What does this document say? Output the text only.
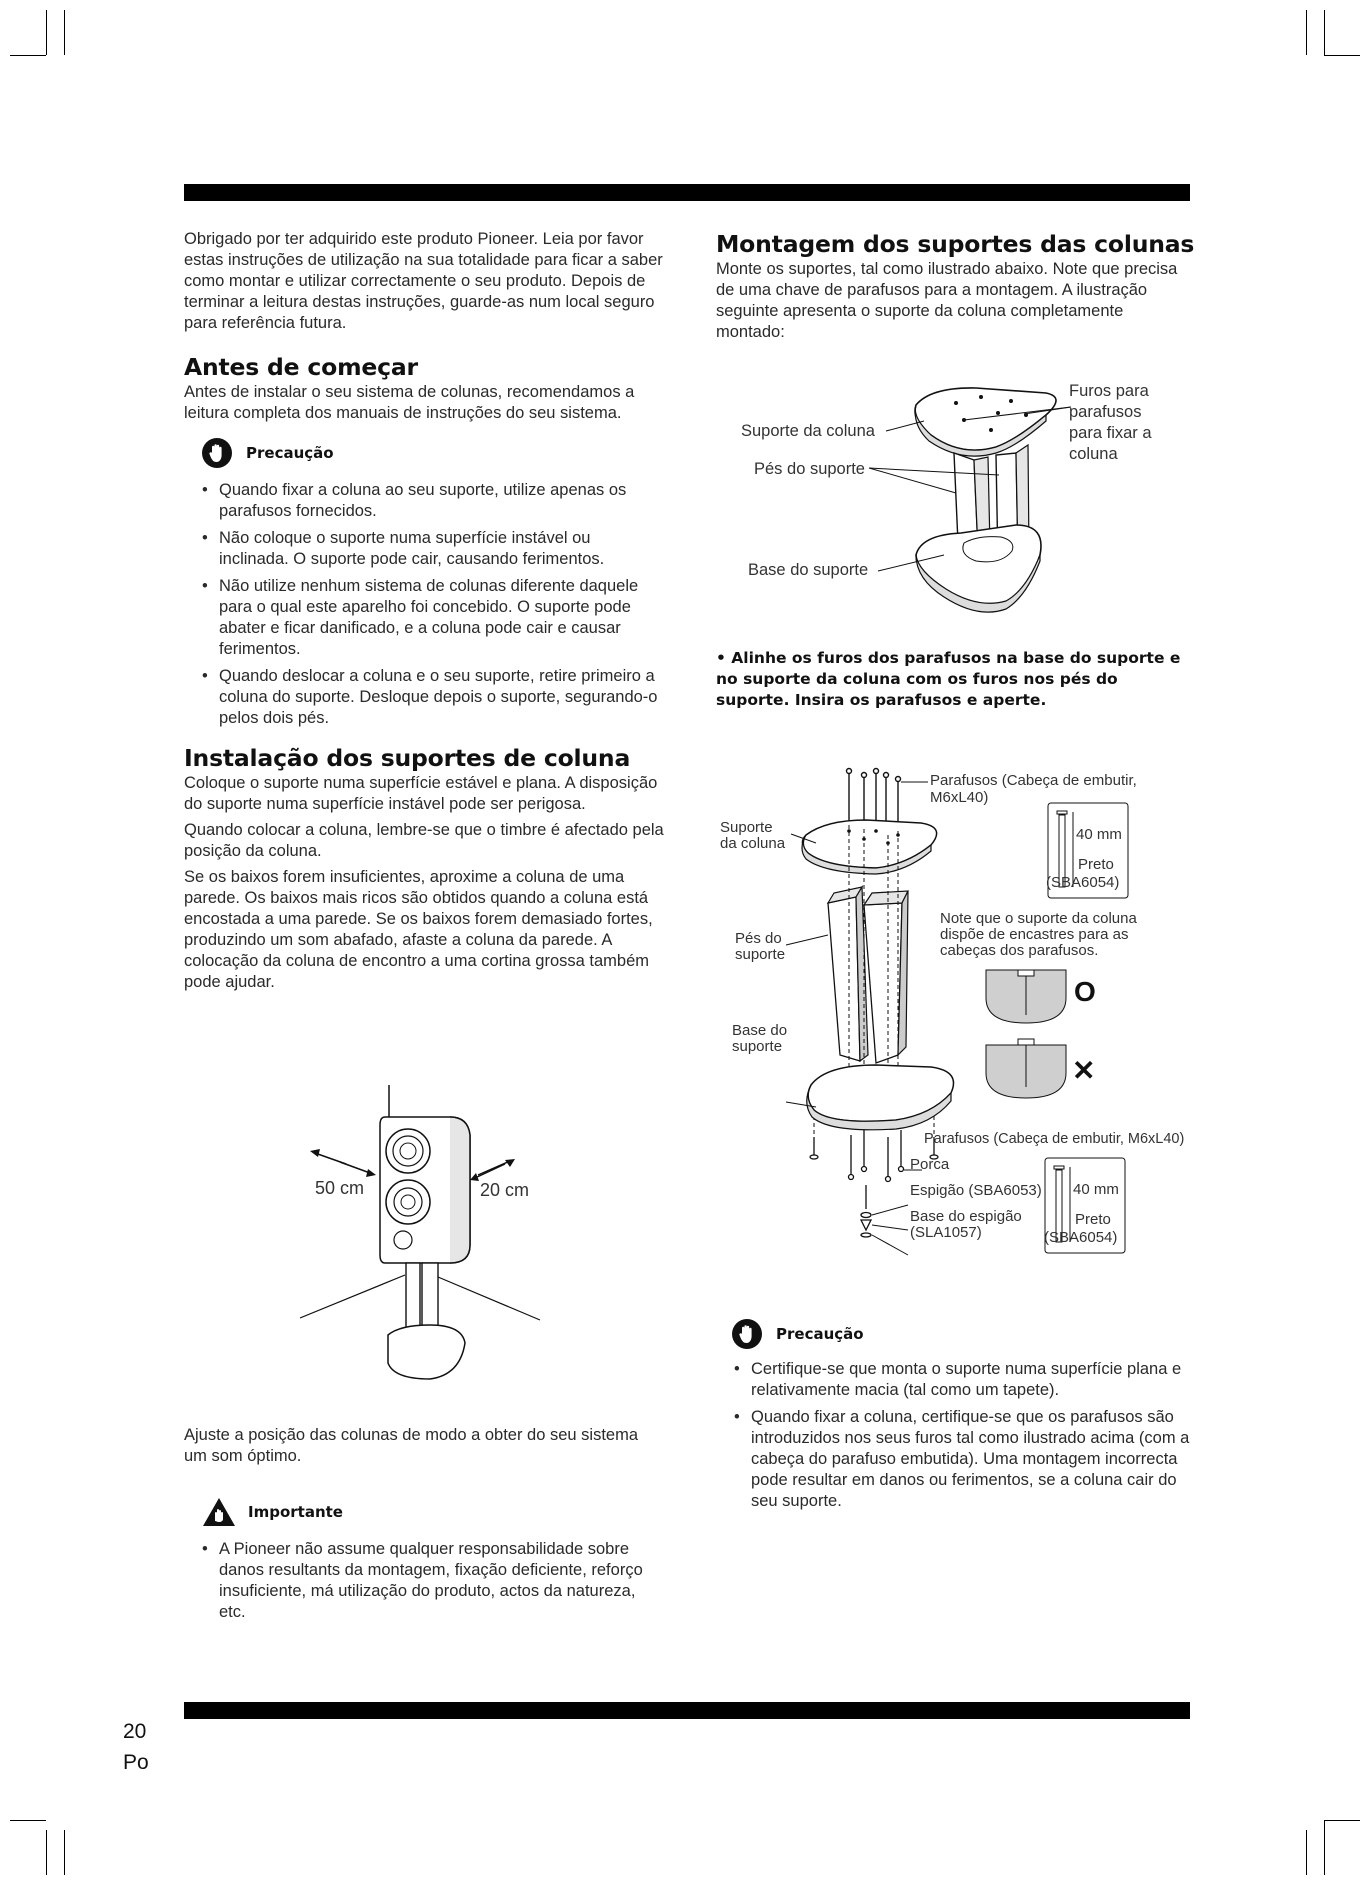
Obrigado por ter adquirido este produto Pioneer. Leia por favor estas instruções de utilização na sua totalidade para ficar a saber como montar e utilizar correctamente o seu produto. Depois de terminar a leitura destas instruções, guarde-as num local seguro para referência futura.

Antes de começar

Antes de instalar o seu sistema de colunas, recomendamos a leitura completa dos manuais de instruções do seu sistema.

Precaução
• Quando fixar a coluna ao seu suporte, utilize apenas os parafusos fornecidos.
• Não coloque o suporte numa superfície instável ou inclinada. O suporte pode cair, causando ferimentos.
• Não utilize nenhum sistema de colunas diferente daquele para o qual este aparelho foi concebido. O suporte pode abater e ficar danificado, e a coluna pode cair e causar ferimentos.
• Quando deslocar a coluna e o seu suporte, retire primeiro a coluna do suporte. Desloque depois o suporte, segurando-o pelos dois pés.
Instalação dos suportes de coluna

Coloque o suporte numa superfície estável e plana. A disposição do suporte numa superfície instável pode ser perigosa.

Quando colocar a coluna, lembre-se que o timbre é afectado pela posição da coluna.

Se os baixos forem insuficientes, aproxime a coluna de uma parede. Os baixos mais ricos são obtidos quando a coluna está encostada a uma parede. Se os baixos forem demasiado fortes, produzindo um som abafado, afaste a coluna da parede. A colocação da coluna de encontro a uma cortina grossa também pode ajudar.

50 cm	20 cm

Ajuste a posição das colunas de modo a obter do seu sistema um som óptimo.

Importante
• A Pioneer não assume qualquer responsabilidade sobre danos resultants da montagem, fixação deficiente, reforço insuficiente, má utilização do produto, actos da natureza, etc.
Montagem dos suportes das colunas

Monte os suportes, tal como ilustrado abaixo. Note que precisa de uma chave de parafusos para a montagem. A ilustração seguinte apresenta o suporte da coluna completamente montado:

Suporte da coluna
Pés do suporte
Base do suporte
Furos para
parafusos
para fixar a
coluna
• Alinhe os furos dos parafusos na base do suporte e no suporte da coluna com os furos nos pés do suporte. Insira os parafusos e aperte.
Parafusos (Cabeça de embutir,
M6xL40)
Suporte
da coluna
40 mm
Preto
(SBA6054)
Note que o suporte da coluna
dispõe de encastres para as
cabeças dos parafusos.
Pés do
suporte
Base do
suporte
O
✕
Parafusos (Cabeça de embutir, M6xL40)
Porca
Espigão (SBA6053)
Base do espigão
(SLA1057)
40 mm
Preto
(SBA6054)
Precaução
• Certifique-se que monta o suporte numa superfície plana e relativamente macia (tal como um tapete).
• Quando fixar a coluna, certifique-se que os parafusos são introduzidos nos seus furos tal como ilustrado acima (com a cabeça do parafuso embutida). Uma montagem incorrecta pode resultar em danos ou ferimentos, se a coluna cair do seu suporte.
20
Po
